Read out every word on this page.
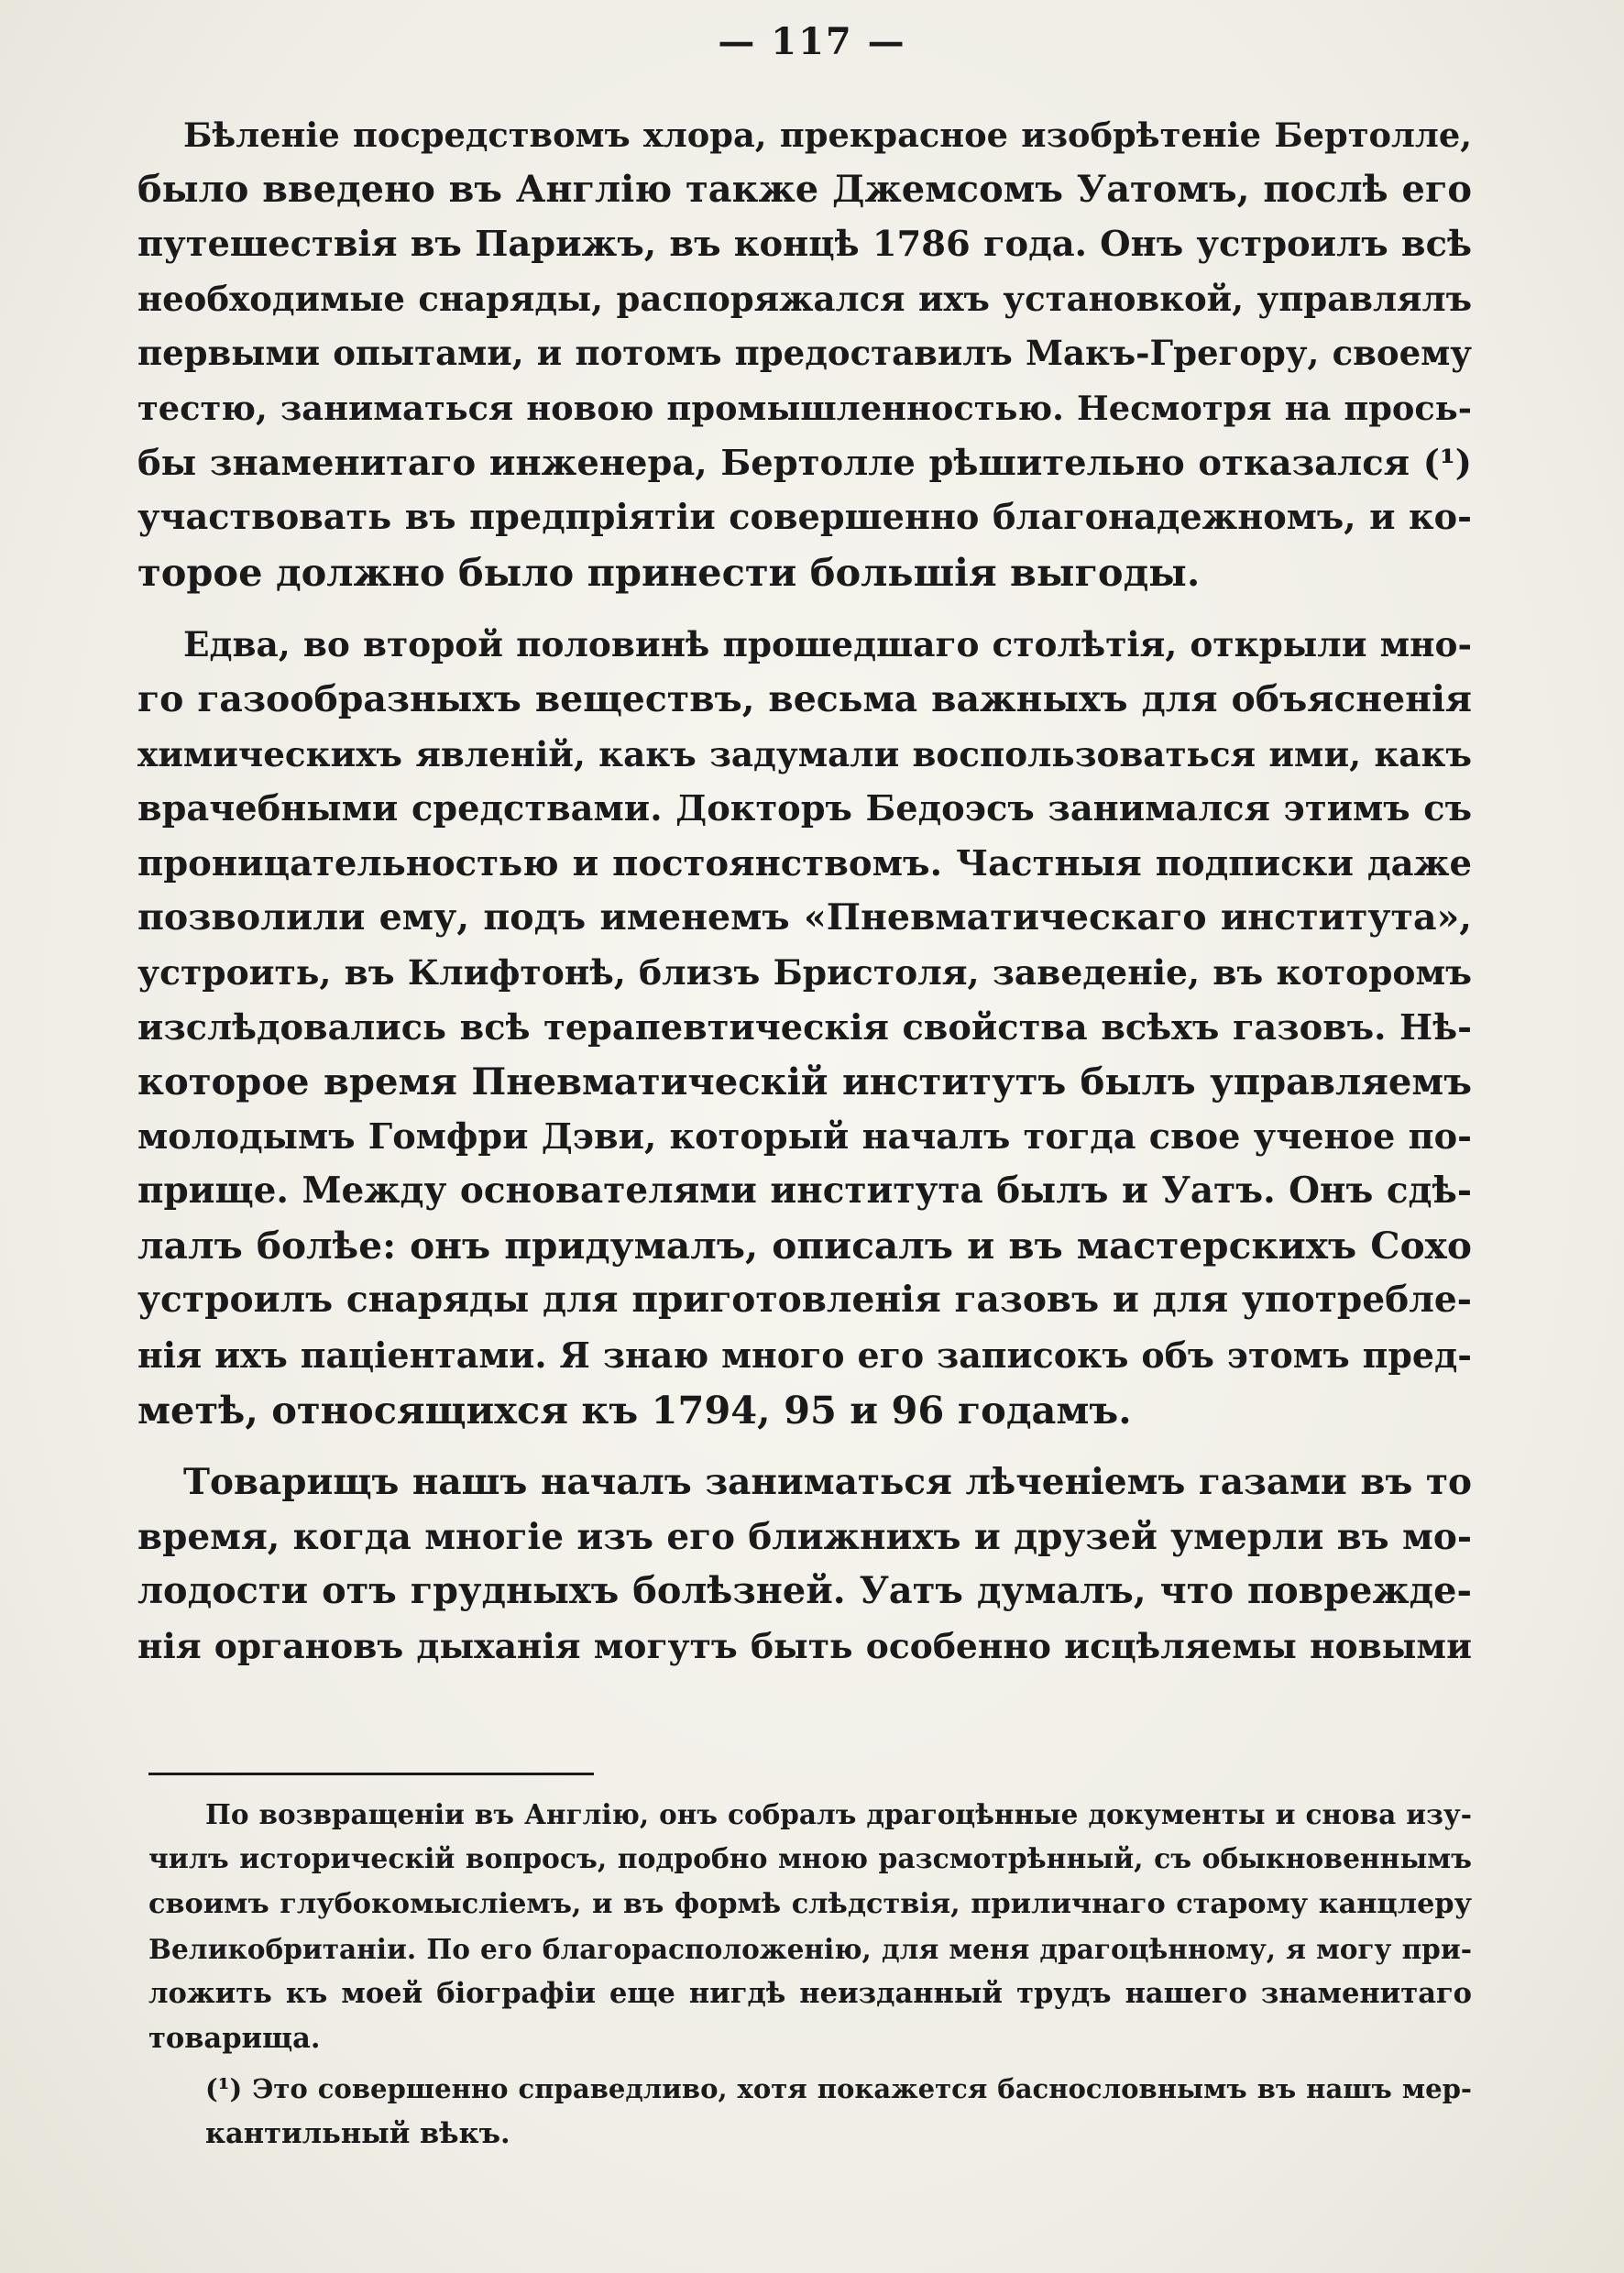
— 117 —
Бѣленіе посредствомъ хлора, прекрасное изобрѣтеніе Бертолле,
было введено въ Англію также Джемсомъ Уатомъ, послѣ его
путешествія въ Парижъ, въ концѣ 1786 года. Онъ устроилъ всѣ
необходимые снаряды, распоряжался ихъ установкой, управлялъ
первыми опытами, и потомъ предоставилъ Макъ-Грегору, своему
тестю, заниматься новою промышленностью. Несмотря на прось-
бы знаменитаго инженера, Бертолле рѣшительно отказался (¹)
участвовать въ предпріятіи совершенно благонадежномъ, и ко-
торое должно было принести большія выгоды.
Едва, во второй половинѣ прошедшаго столѣтія, открыли мно-
го газообразныхъ веществъ, весьма важныхъ для объясненія
химическихъ явленій, какъ задумали воспользоваться ими, какъ
врачебными средствами. Докторъ Бедоэсъ занимался этимъ съ
проницательностью и постоянствомъ. Частныя подписки даже
позволили ему, подъ именемъ «Пневматическаго института»,
устроить, въ Клифтонѣ, близъ Бристоля, заведеніе, въ которомъ
изслѣдовались всѣ терапевтическія свойства всѣхъ газовъ. Нѣ-
которое время Пневматическій институтъ былъ управляемъ
молодымъ Гомфри Дэви, который началъ тогда свое ученое по-
прище. Между основателями института былъ и Уатъ. Онъ сдѣ-
лалъ болѣе: онъ придумалъ, описалъ и въ мастерскихъ Сохо
устроилъ снаряды для приготовленія газовъ и для употребле-
нія ихъ паціентами. Я знаю много его записокъ объ этомъ пред-
метѣ, относящихся къ 1794, 95 и 96 годамъ.
Товарищъ нашъ началъ заниматься лѣченіемъ газами въ то
время, когда многіе изъ его ближнихъ и друзей умерли въ мо-
лодости отъ грудныхъ болѣзней. Уатъ думалъ, что поврежде-
нія органовъ дыханія могутъ быть особенно исцѣляемы новыми
По возвращеніи въ Англію, онъ собралъ драгоцѣнные документы и снова изу-
чилъ историческій вопросъ, подробно мною разсмотрѣнный, съ обыкновеннымъ
своимъ глубокомысліемъ, и въ формѣ слѣдствія, приличнаго старому канцлеру
Великобританіи. По его благорасположенію, для меня драгоцѣнному, я могу при-
ложить къ моей біографіи еще нигдѣ неизданный трудъ нашего знаменитаго
товарища.
(¹) Это совершенно справедливо, хотя покажется баснословнымъ въ нашъ мер-
кантильный вѣкъ.
